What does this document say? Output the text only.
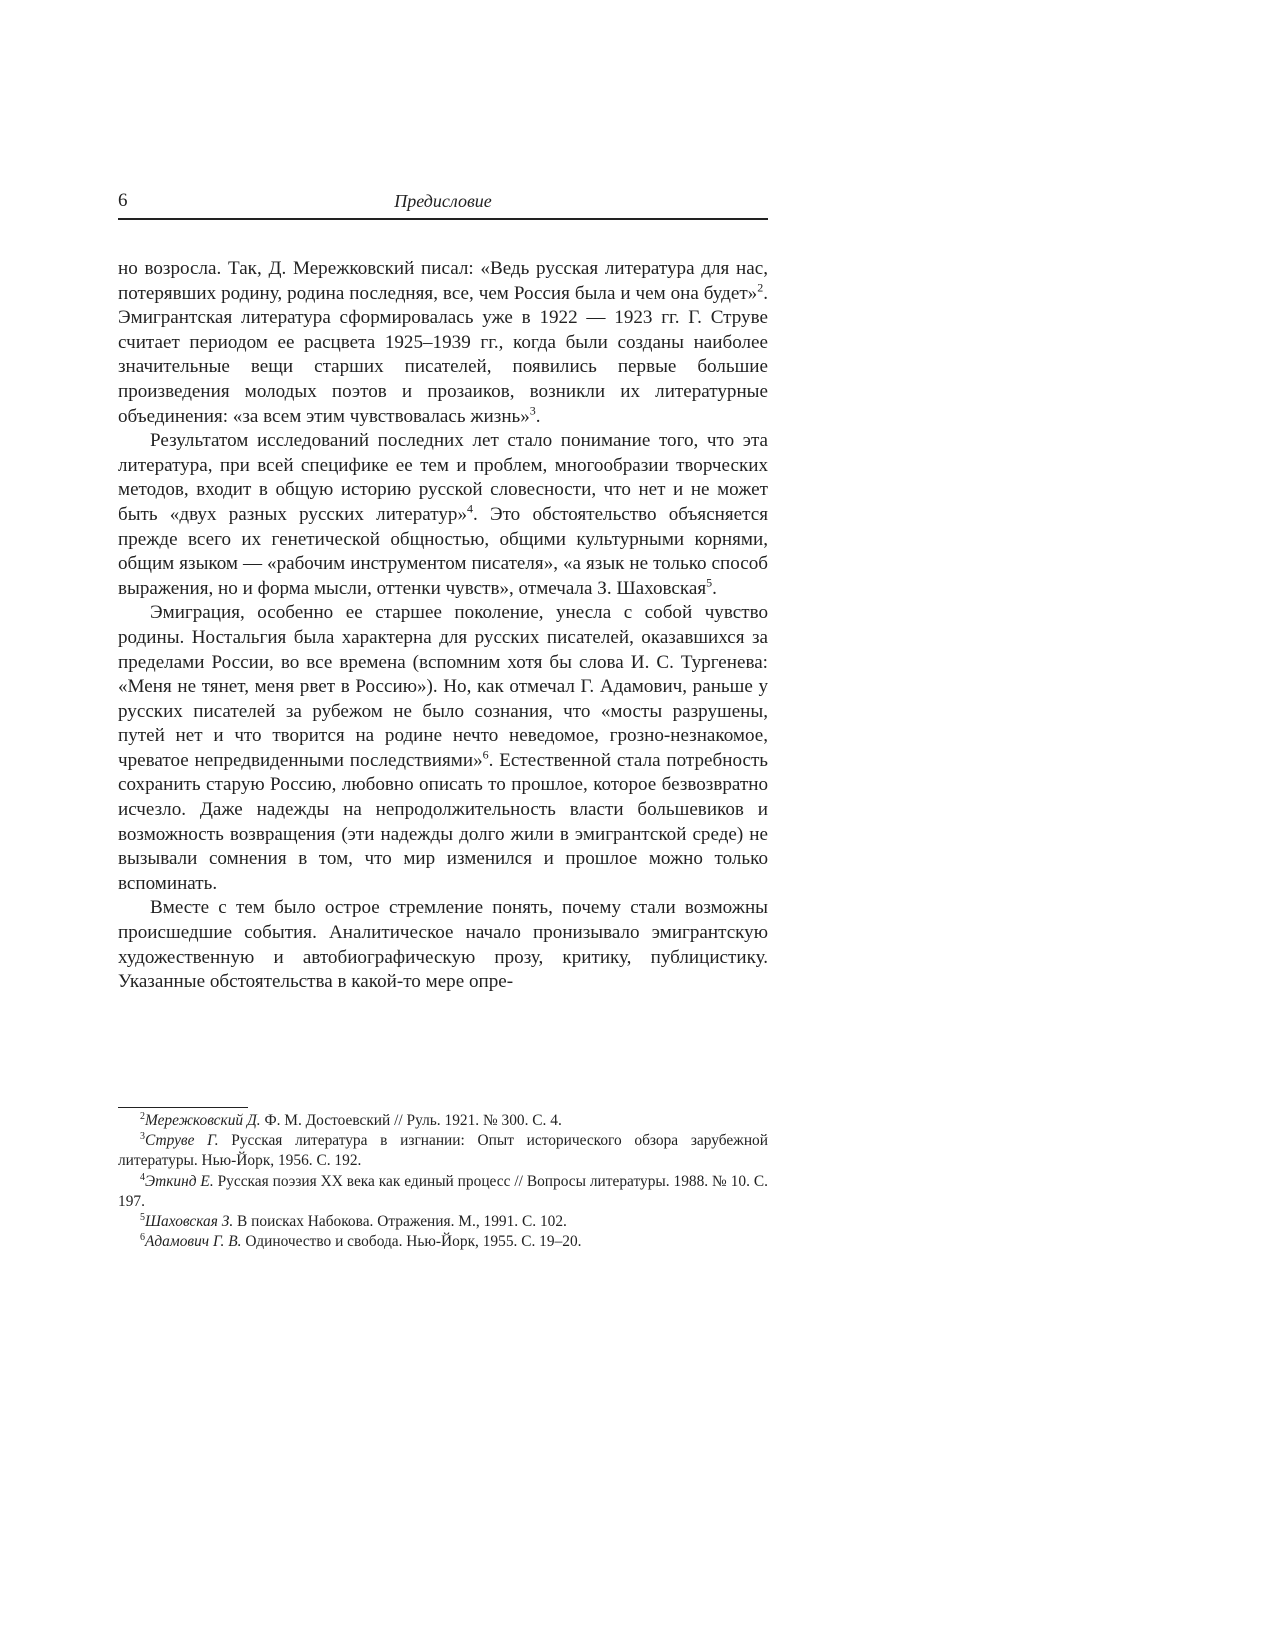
6	Предисловие

но возросла. Так, Д. Мережковский писал: «Ведь русская литература для нас, потерявших родину, родина последняя, все, чем Россия была и чем она будет»$^2$. Эмигрантская литература сформировалась уже в 1922 — 1923 гг. Г. Струве считает периодом ее расцвета 1925–1939 гг., когда были созданы наиболее значительные вещи старших писателей, появились первые большие произведения молодых поэтов и прозаиков, возникли их литературные объединения: «за всем этим чувствовалась жизнь»$^3$.

Результатом исследований последних лет стало понимание того, что эта литература, при всей специфике ее тем и проблем, многообразии творческих методов, входит в общую историю русской словесности, что нет и не может быть «двух разных русских литератур»$^4$. Это обстоятельство объясняется прежде всего их генетической общностью, общими культурными корнями, общим языком — «рабочим инструментом писателя», «а язык не только способ выражения, но и форма мысли, оттенки чувств», отмечала З. Шаховская$^5$.

Эмиграция, особенно ее старшее поколение, унесла с собой чувство родины. Ностальгия была характерна для русских писателей, оказавшихся за пределами России, во все времена (вспомним хотя бы слова И. С. Тургенева: «Меня не тянет, меня рвет в Россию»). Но, как отмечал Г. Адамович, раньше у русских писателей за рубежом не было сознания, что «мосты разрушены, путей нет и что творится на родине нечто неведомое, грозно-незнакомое, чреватое непредвиденными последствиями»$^6$. Естественной стала потребность сохранить старую Россию, любовно описать то прошлое, которое безвозвратно исчезло. Даже надежды на непродолжительность власти большевиков и возможность возвращения (эти надежды долго жили в эмигрантской среде) не вызывали сомнения в том, что мир изменился и прошлое можно только вспоминать.

Вместе с тем было острое стремление понять, почему стали возможны происшедшие события. Аналитическое начало пронизывало эмигрантскую художественную и автобиографическую прозу, критику, публицистику. Указанные обстоятельства в какой-то мере опре-

$^2$Мережковский Д. Ф. М. Достоевский // Руль. 1921. № 300. С. 4.
$^3$Струве Г. Русская литература в изгнании: Опыт исторического обзора зарубежной литературы. Нью-Йорк, 1956. С. 192.
$^4$Эткинд Е. Русская поэзия XX века как единый процесс // Вопросы литературы. 1988. № 10. С. 197.
$^5$Шаховская З. В поисках Набокова. Отражения. М., 1991. С. 102.
$^6$Адамович Г. В. Одиночество и свобода. Нью-Йорк, 1955. С. 19–20.
